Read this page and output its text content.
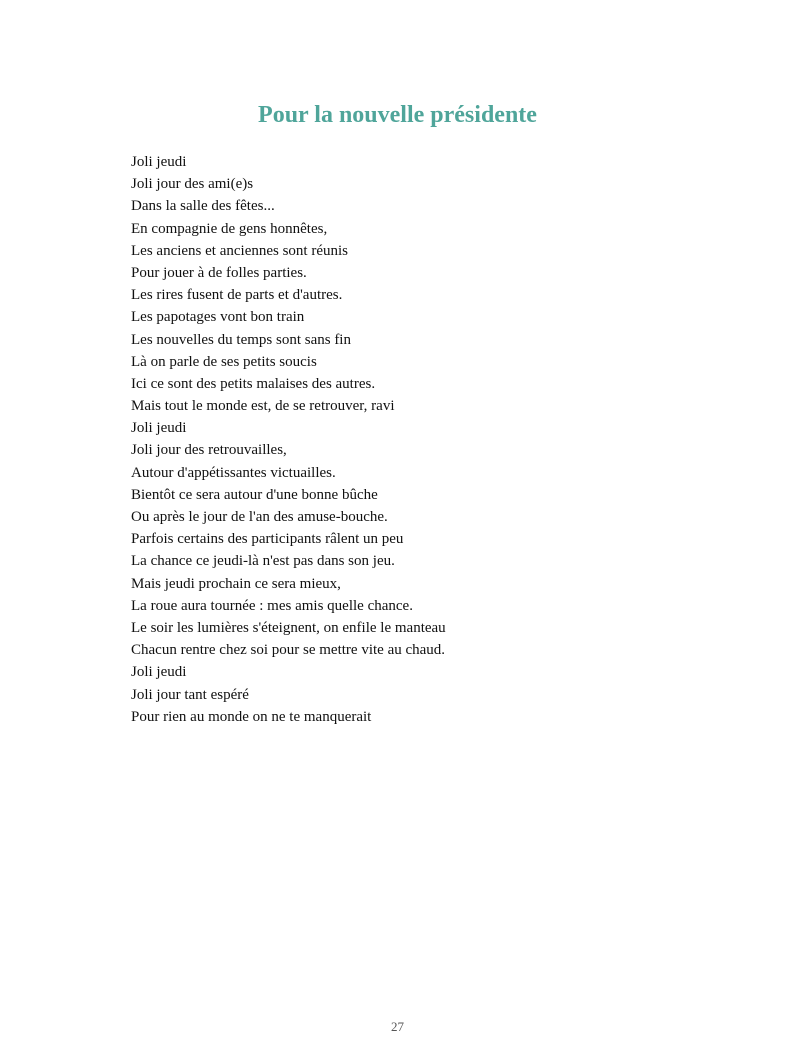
Pour la nouvelle présidente
Joli jeudi
Joli jour des ami(e)s
Dans la salle des fêtes...
En compagnie de gens honnêtes,
Les anciens et anciennes sont réunis
Pour jouer à de folles parties.
Les rires fusent de parts et d'autres.
Les papotages vont bon train
Les nouvelles du temps sont sans fin
Là on parle de ses petits soucis
Ici ce sont des petits malaises des autres.
Mais tout le monde est, de se retrouver, ravi
Joli jeudi
Joli jour des retrouvailles,
Autour d'appétissantes victuailles.
Bientôt ce sera autour d'une bonne bûche
Ou après le jour de l'an des amuse-bouche.
Parfois certains des participants râlent un peu
La chance ce jeudi-là n'est pas dans son jeu.
Mais jeudi prochain ce sera mieux,
La roue aura tournée : mes amis quelle chance.
Le soir les lumières s'éteignent, on enfile le manteau
Chacun rentre chez soi pour se mettre vite au chaud.
Joli jeudi
Joli jour tant espéré
Pour rien au monde on ne te manquerait
27
